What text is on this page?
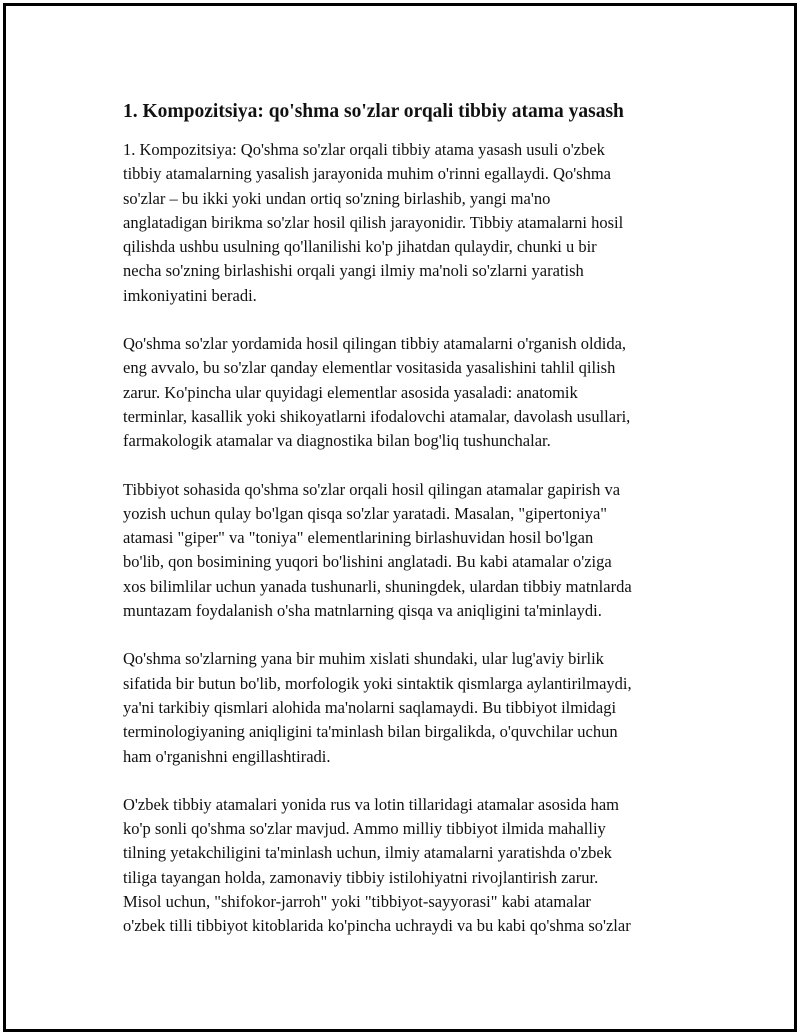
1. Kompozitsiya: qo'shma so'zlar orqali tibbiy atama yasash
1. Kompozitsiya: Qo'shma so'zlar orqali tibbiy atama yasash usuli o'zbek
tibbiy atamalarning yasalish jarayonida muhim o'rinni egallaydi. Qo'shma
so'zlar – bu ikki yoki undan ortiq so'zning birlashib, yangi ma'no
anglatadigan birikma so'zlar hosil qilish jarayonidir. Tibbiy atamalarni hosil
qilishda ushbu usulning qo'llanilishi ko'p jihatdan qulaydir, chunki u bir
necha so'zning birlashishi orqali yangi ilmiy ma'noli so'zlarni yaratish
imkoniyatini beradi.
Qo'shma so'zlar yordamida hosil qilingan tibbiy atamalarni o'rganish oldida,
eng avvalo, bu so'zlar qanday elementlar vositasida yasalishini tahlil qilish
zarur. Ko'pincha ular quyidagi elementlar asosida yasaladi: anatomik
terminlar, kasallik yoki shikoyatlarni ifodalovchi atamalar, davolash usullari,
farmakologik atamalar va diagnostika bilan bog'liq tushunchalar.
Tibbiyot sohasida qo'shma so'zlar orqali hosil qilingan atamalar gapirish va
yozish uchun qulay bo'lgan qisqa so'zlar yaratadi. Masalan, "gipertoniya"
atamasi "giper" va "toniya" elementlarining birlashuvidan hosil bo'lgan
bo'lib, qon bosimining yuqori bo'lishini anglatadi. Bu kabi atamalar o'ziga
xos bilimlilar uchun yanada tushunarli, shuningdek, ulardan tibbiy matnlarda
muntazam foydalanish o'sha matnlarning qisqa va aniqligini ta'minlaydi.
Qo'shma so'zlarning yana bir muhim xislati shundaki, ular lug'aviy birlik
sifatida bir butun bo'lib, morfologik yoki sintaktik qismlarga aylantirilmaydi,
ya'ni tarkibiy qismlari alohida ma'nolarni saqlamaydi. Bu tibbiyot ilmidagi
terminologiyaning aniqligini ta'minlash bilan birgalikda, o'quvchilar uchun
ham o'rganishni engillashtiradi.
O'zbek tibbiy atamalari yonida rus va lotin tillaridagi atamalar asosida ham
ko'p sonli qo'shma so'zlar mavjud. Ammo milliy tibbiyot ilmida mahalliy
tilning yetakchiligini ta'minlash uchun, ilmiy atamalarni yaratishda o'zbek
tiliga tayangan holda, zamonaviy tibbiy istilohiyatni rivojlantirish zarur.
Misol uchun, "shifokor-jarroh" yoki "tibbiyot-sayyorasi" kabi atamalar
o'zbek tilli tibbiyot kitoblarida ko'pincha uchraydi va bu kabi qo'shma so'zlar
